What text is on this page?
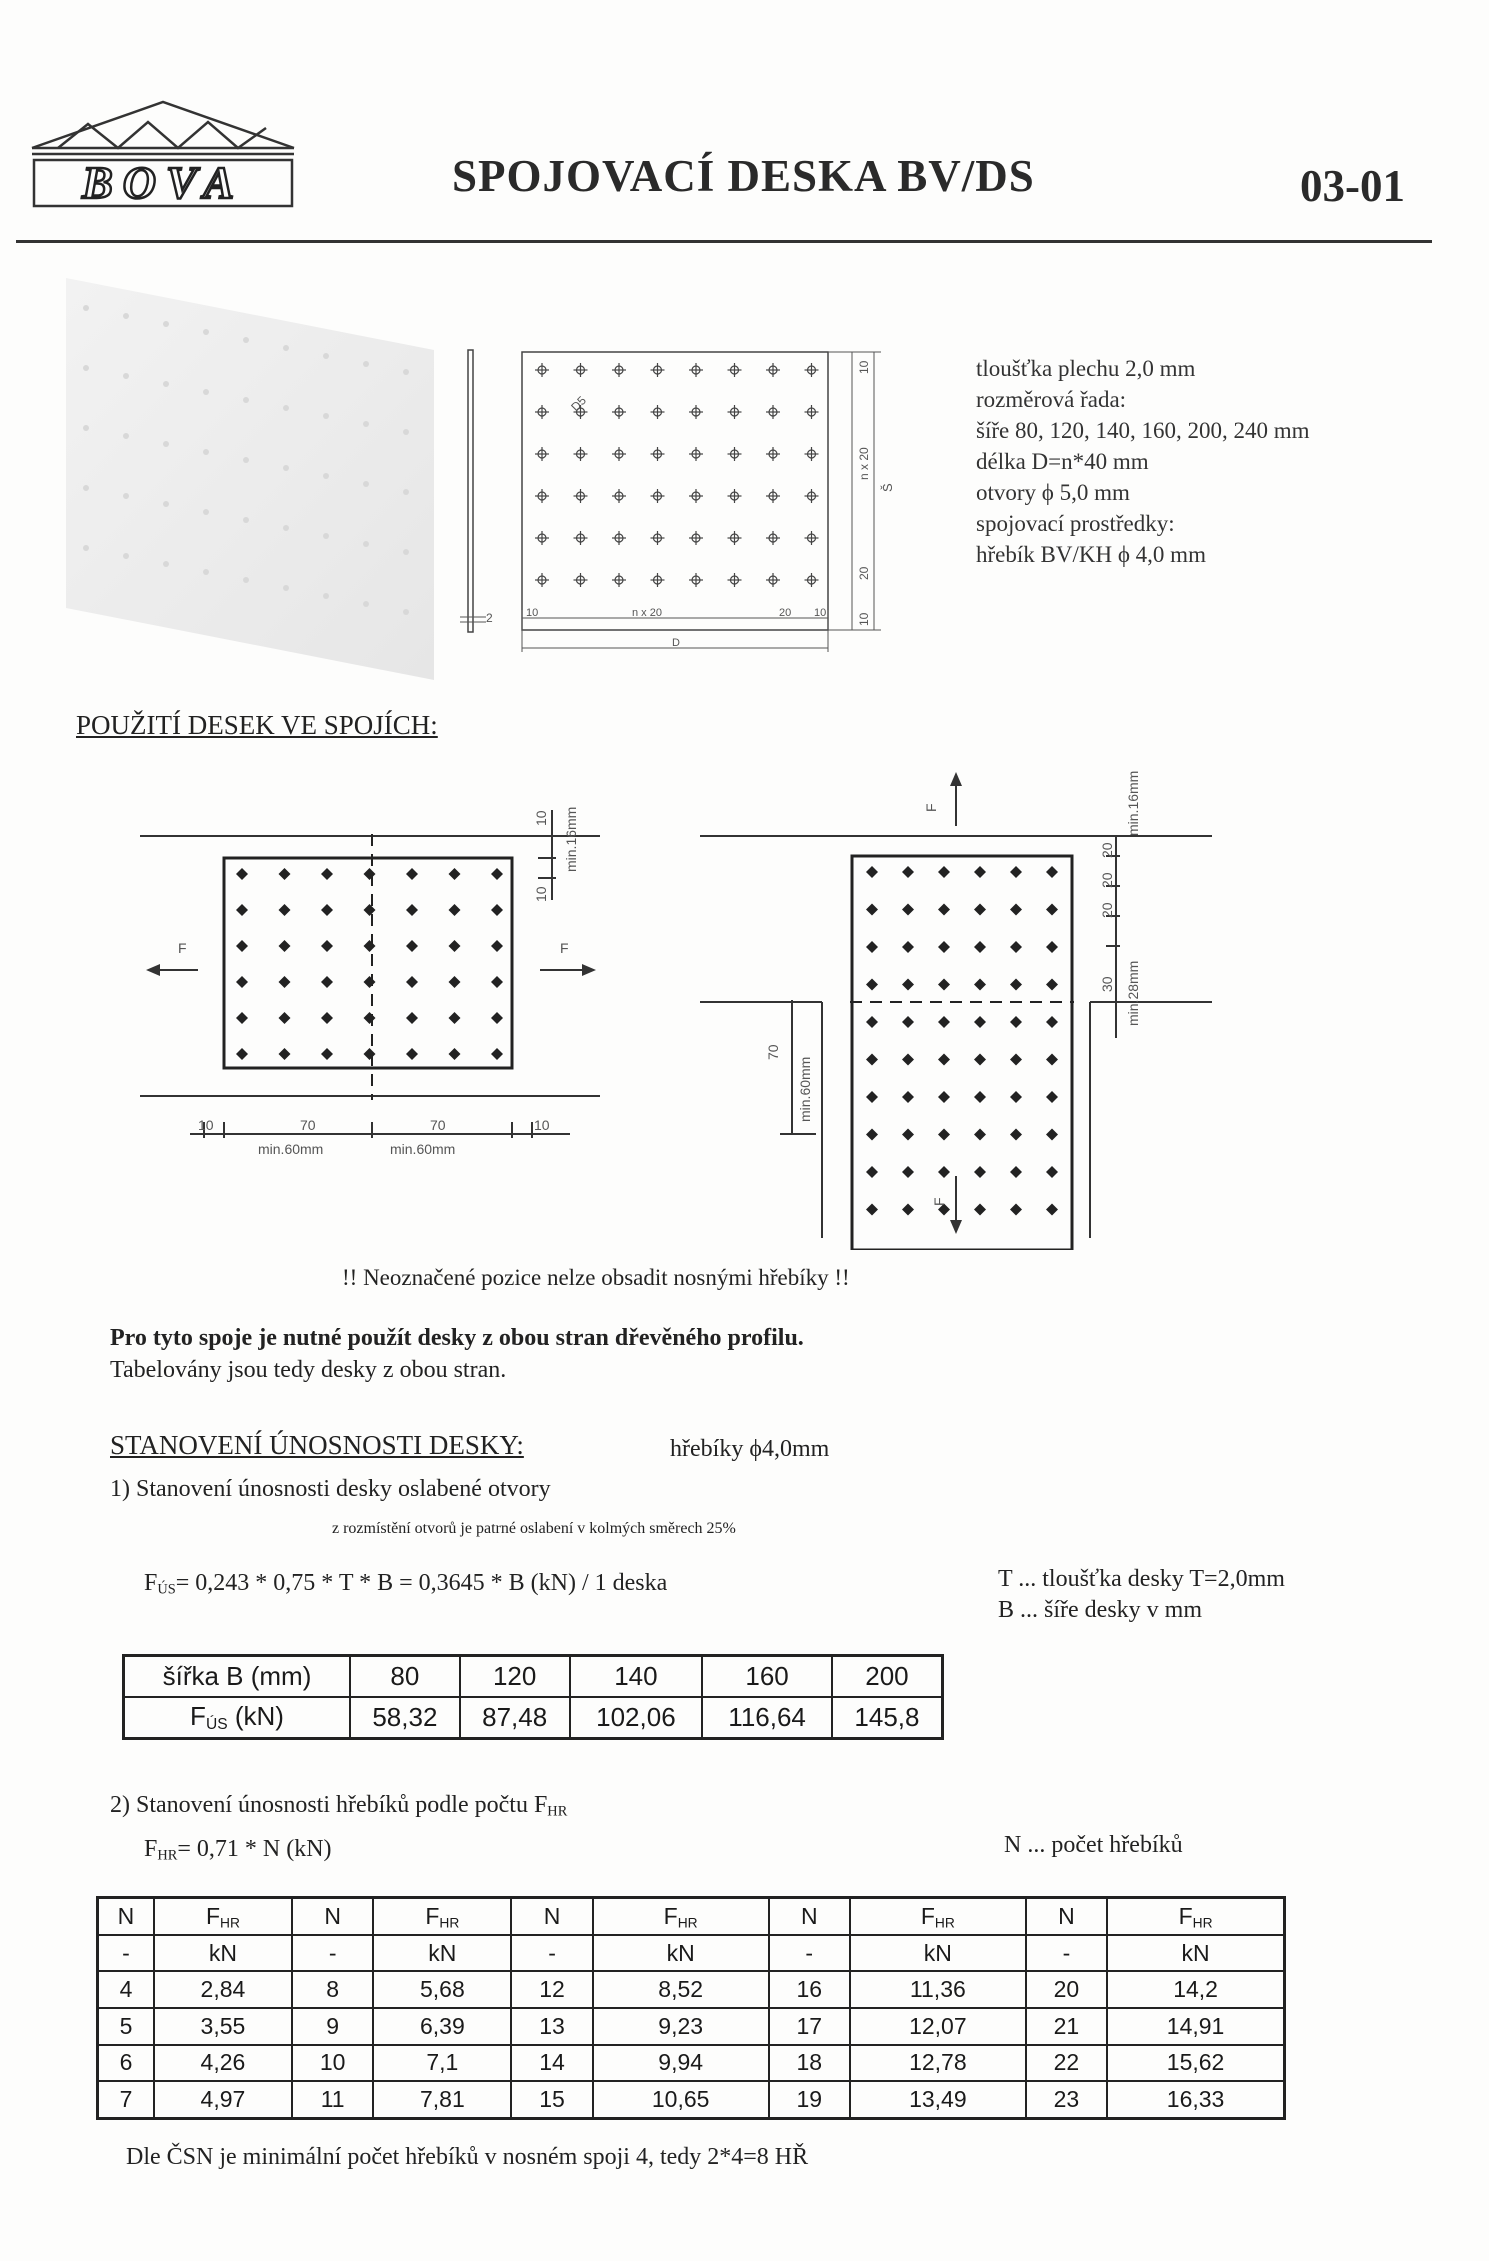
BOVA	SPOJOVACÍ DESKA BV/DS	03-01
2
D5
10
n x 20
20
10
Š
10	n x 20	20 10
D
tloušťka plechu 2,0 mm
rozměrová řada:
šíře 80, 120, 140, 160, 200, 240 mm
délka D=n*40 mm
otvory ϕ 5,0 mm
spojovací prostředky:
hřebík BV/KH ϕ 4,0 mm
POUŽITÍ DESEK VE SPOJÍCH:
F	F
10
10
min.16mm
10	70	70	10
min.60mm	min.60mm
F
F
20
20
20
30
min.16mm
min.28mm
70
min.60mm
!! Neoznačené pozice nelze obsadit nosnými hřebíky !!
Pro tyto spoje je nutné použít desky z obou stran dřevěného profilu.
Tabelovány jsou tedy desky z obou stran.
STANOVENÍ ÚNOSNOSTI DESKY:	hřebíky ϕ4,0mm
1) Stanovení únosnosti desky oslabené otvory
z rozmístění otvorů je patrné oslabení v kolmých směrech 25%
$F_{ÚS}= 0,243 * 0,75 * T * B = 0,3645 * B$ (kN) / 1 deska	T ... tloušťka desky T=2,0mm
B ... šíře desky v mm
šířka B (mm)	80	120	140	160	200
$F_{ÚS}$ (kN)	58,32	87,48	102,06	116,64	145,8
2) Stanovení únosnosti hřebíků podle počtu $F_{HR}$
$F_{HR}= 0,71 * N$ (kN)	N ... počet hřebíků
N	$F_{HR}$	N	$F_{HR}$	N	$F_{HR}$	N	$F_{HR}$	N	$F_{HR}$
-	kN	-	kN	-	kN	-	kN	-	kN
4	2,84	8	5,68	12	8,52	16	11,36	20	14,2
5	3,55	9	6,39	13	9,23	17	12,07	21	14,91
6	4,26	10	7,1	14	9,94	18	12,78	22	15,62
7	4,97	11	7,81	15	10,65	19	13,49	23	16,33
Dle ČSN je minimální počet hřebíků v nosném spoji 4, tedy 2*4=8 HŘ
